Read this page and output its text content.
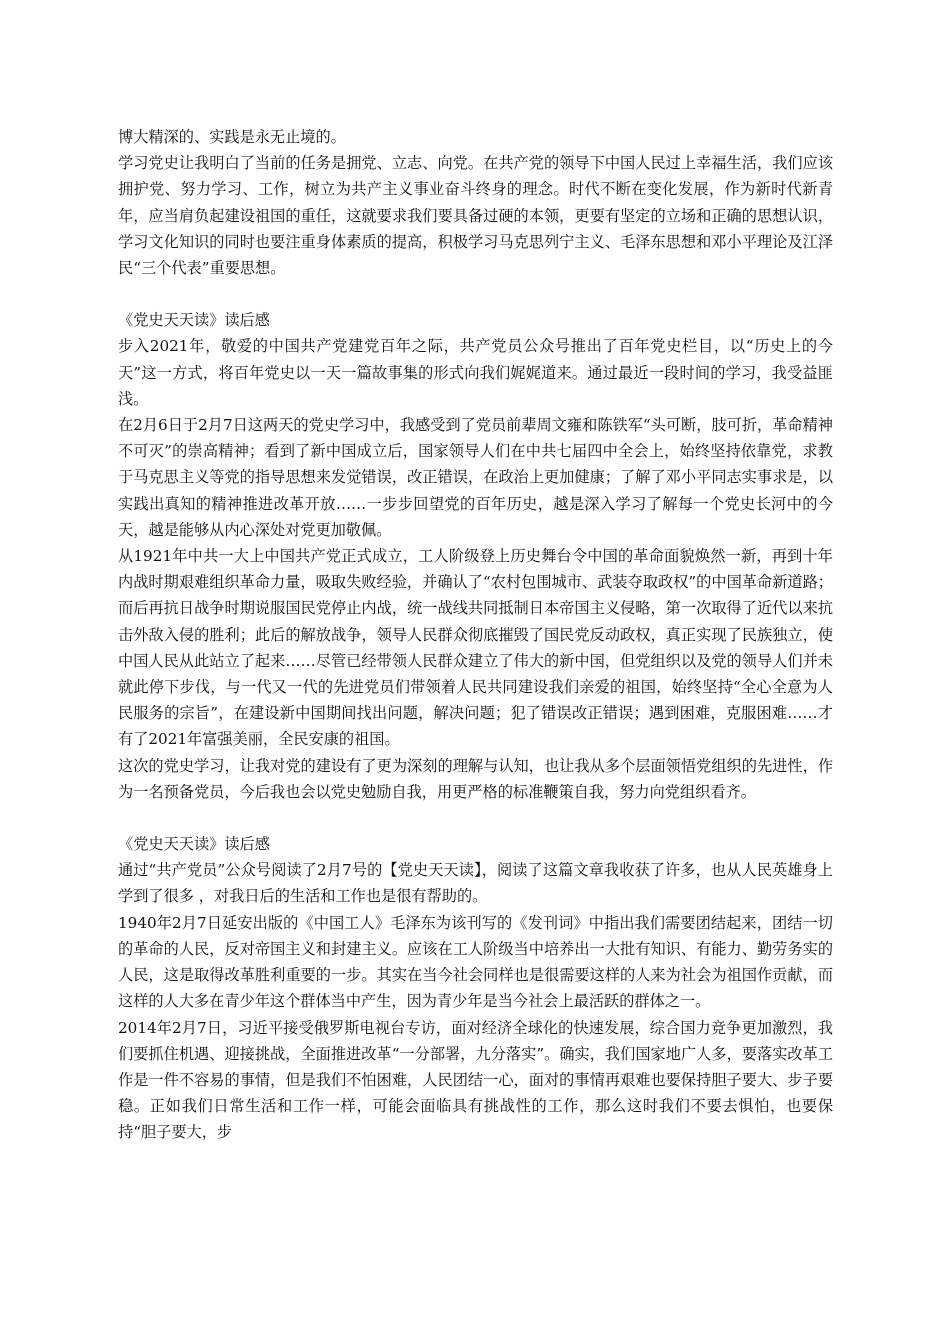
博大精深的、实践是永无止境的。

学习党史让我明白了当前的任务是拥党、立志、向党。在共产党的领导下中国人民过上幸福生活，我们应该拥护党、努力学习、工作，树立为共产主义事业奋斗终身的理念。时代不断在变化发展，作为新时代新青年，应当肩负起建设祖国的重任，这就要求我们要具备过硬的本领，更要有坚定的立场和正确的思想认识，学习文化知识的同时也要注重身体素质的提高，积极学习马克思列宁主义、毛泽东思想和邓小平理论及江泽民“三个代表”重要思想。

《党史天天读》读后感

步入2021年，敬爱的中国共产党建党百年之际，共产党员公众号推出了百年党史栏目，以“历史上的今天”这一方式，将百年党史以一天一篇故事集的形式向我们娓娓道来。通过最近一段时间的学习，我受益匪浅。

在2月6日于2月7日这两天的党史学习中，我感受到了党员前辈周文雍和陈铁军“头可断，肢可折，革命精神不可灭”的崇高精神；看到了新中国成立后，国家领导人们在中共七届四中全会上，始终坚持依靠党，求教于马克思主义等党的指导思想来发觉错误，改正错误，在政治上更加健康；了解了邓小平同志实事求是，以实践出真知的精神推进改革开放……一步步回望党的百年历史，越是深入学习了解每一个党史长河中的今天，越是能够从内心深处对党更加敬佩。

从1921年中共一大上中国共产党正式成立，工人阶级登上历史舞台令中国的革命面貌焕然一新，再到十年内战时期艰难组织革命力量，吸取失败经验，并确认了“农村包围城市、武装夺取政权”的中国革命新道路；而后再抗日战争时期说服国民党停止内战，统一战线共同抵制日本帝国主义侵略，第一次取得了近代以来抗击外敌入侵的胜利；此后的解放战争，领导人民群众彻底摧毁了国民党反动政权，真正实现了民族独立，使中国人民从此站立了起来……尽管已经带领人民群众建立了伟大的新中国，但党组织以及党的领导人们并未就此停下步伐，与一代又一代的先进党员们带领着人民共同建设我们亲爱的祖国，始终坚持“全心全意为人民服务的宗旨”，在建设新中国期间找出问题，解决问题；犯了错误改正错误；遇到困难，克服困难……才有了2021年富强美丽，全民安康的祖国。

这次的党史学习，让我对党的建设有了更为深刻的理解与认知，也让我从多个层面领悟党组织的先进性，作为一名预备党员，今后我也会以党史勉励自我，用更严格的标准鞭策自我，努力向党组织看齐。

《党史天天读》读后感

通过“共产党员”公众号阅读了2月7号的【党史天天读】，阅读了这篇文章我收获了许多，也从人民英雄身上学到了很多 ，对我日后的生活和工作也是很有帮助的。

1940年2月7日延安出版的《中国工人》毛泽东为该刊写的《发刊词》中指出我们需要团结起来，团结一切的革命的人民，反对帝国主义和封建主义。应该在工人阶级当中培养出一大批有知识、有能力、勤劳务实的人民，这是取得改革胜利重要的一步。其实在当今社会同样也是很需要这样的人来为社会为祖国作贡献，而这样的人大多在青少年这个群体当中产生，因为青少年是当今社会上最活跃的群体之一。

2014年2月7日，习近平接受俄罗斯电视台专访，面对经济全球化的快速发展，综合国力竞争更加激烈，我们要抓住机遇、迎接挑战，全面推进改革“一分部署，九分落实”。确实，我们国家地广人多，要落实改革工作是一件不容易的事情，但是我们不怕困难，人民团结一心，面对的事情再艰难也要保持胆子要大、步子要稳。正如我们日常生活和工作一样，可能会面临具有挑战性的工作，那么这时我们不要去惧怕，也要保持“胆子要大，步
